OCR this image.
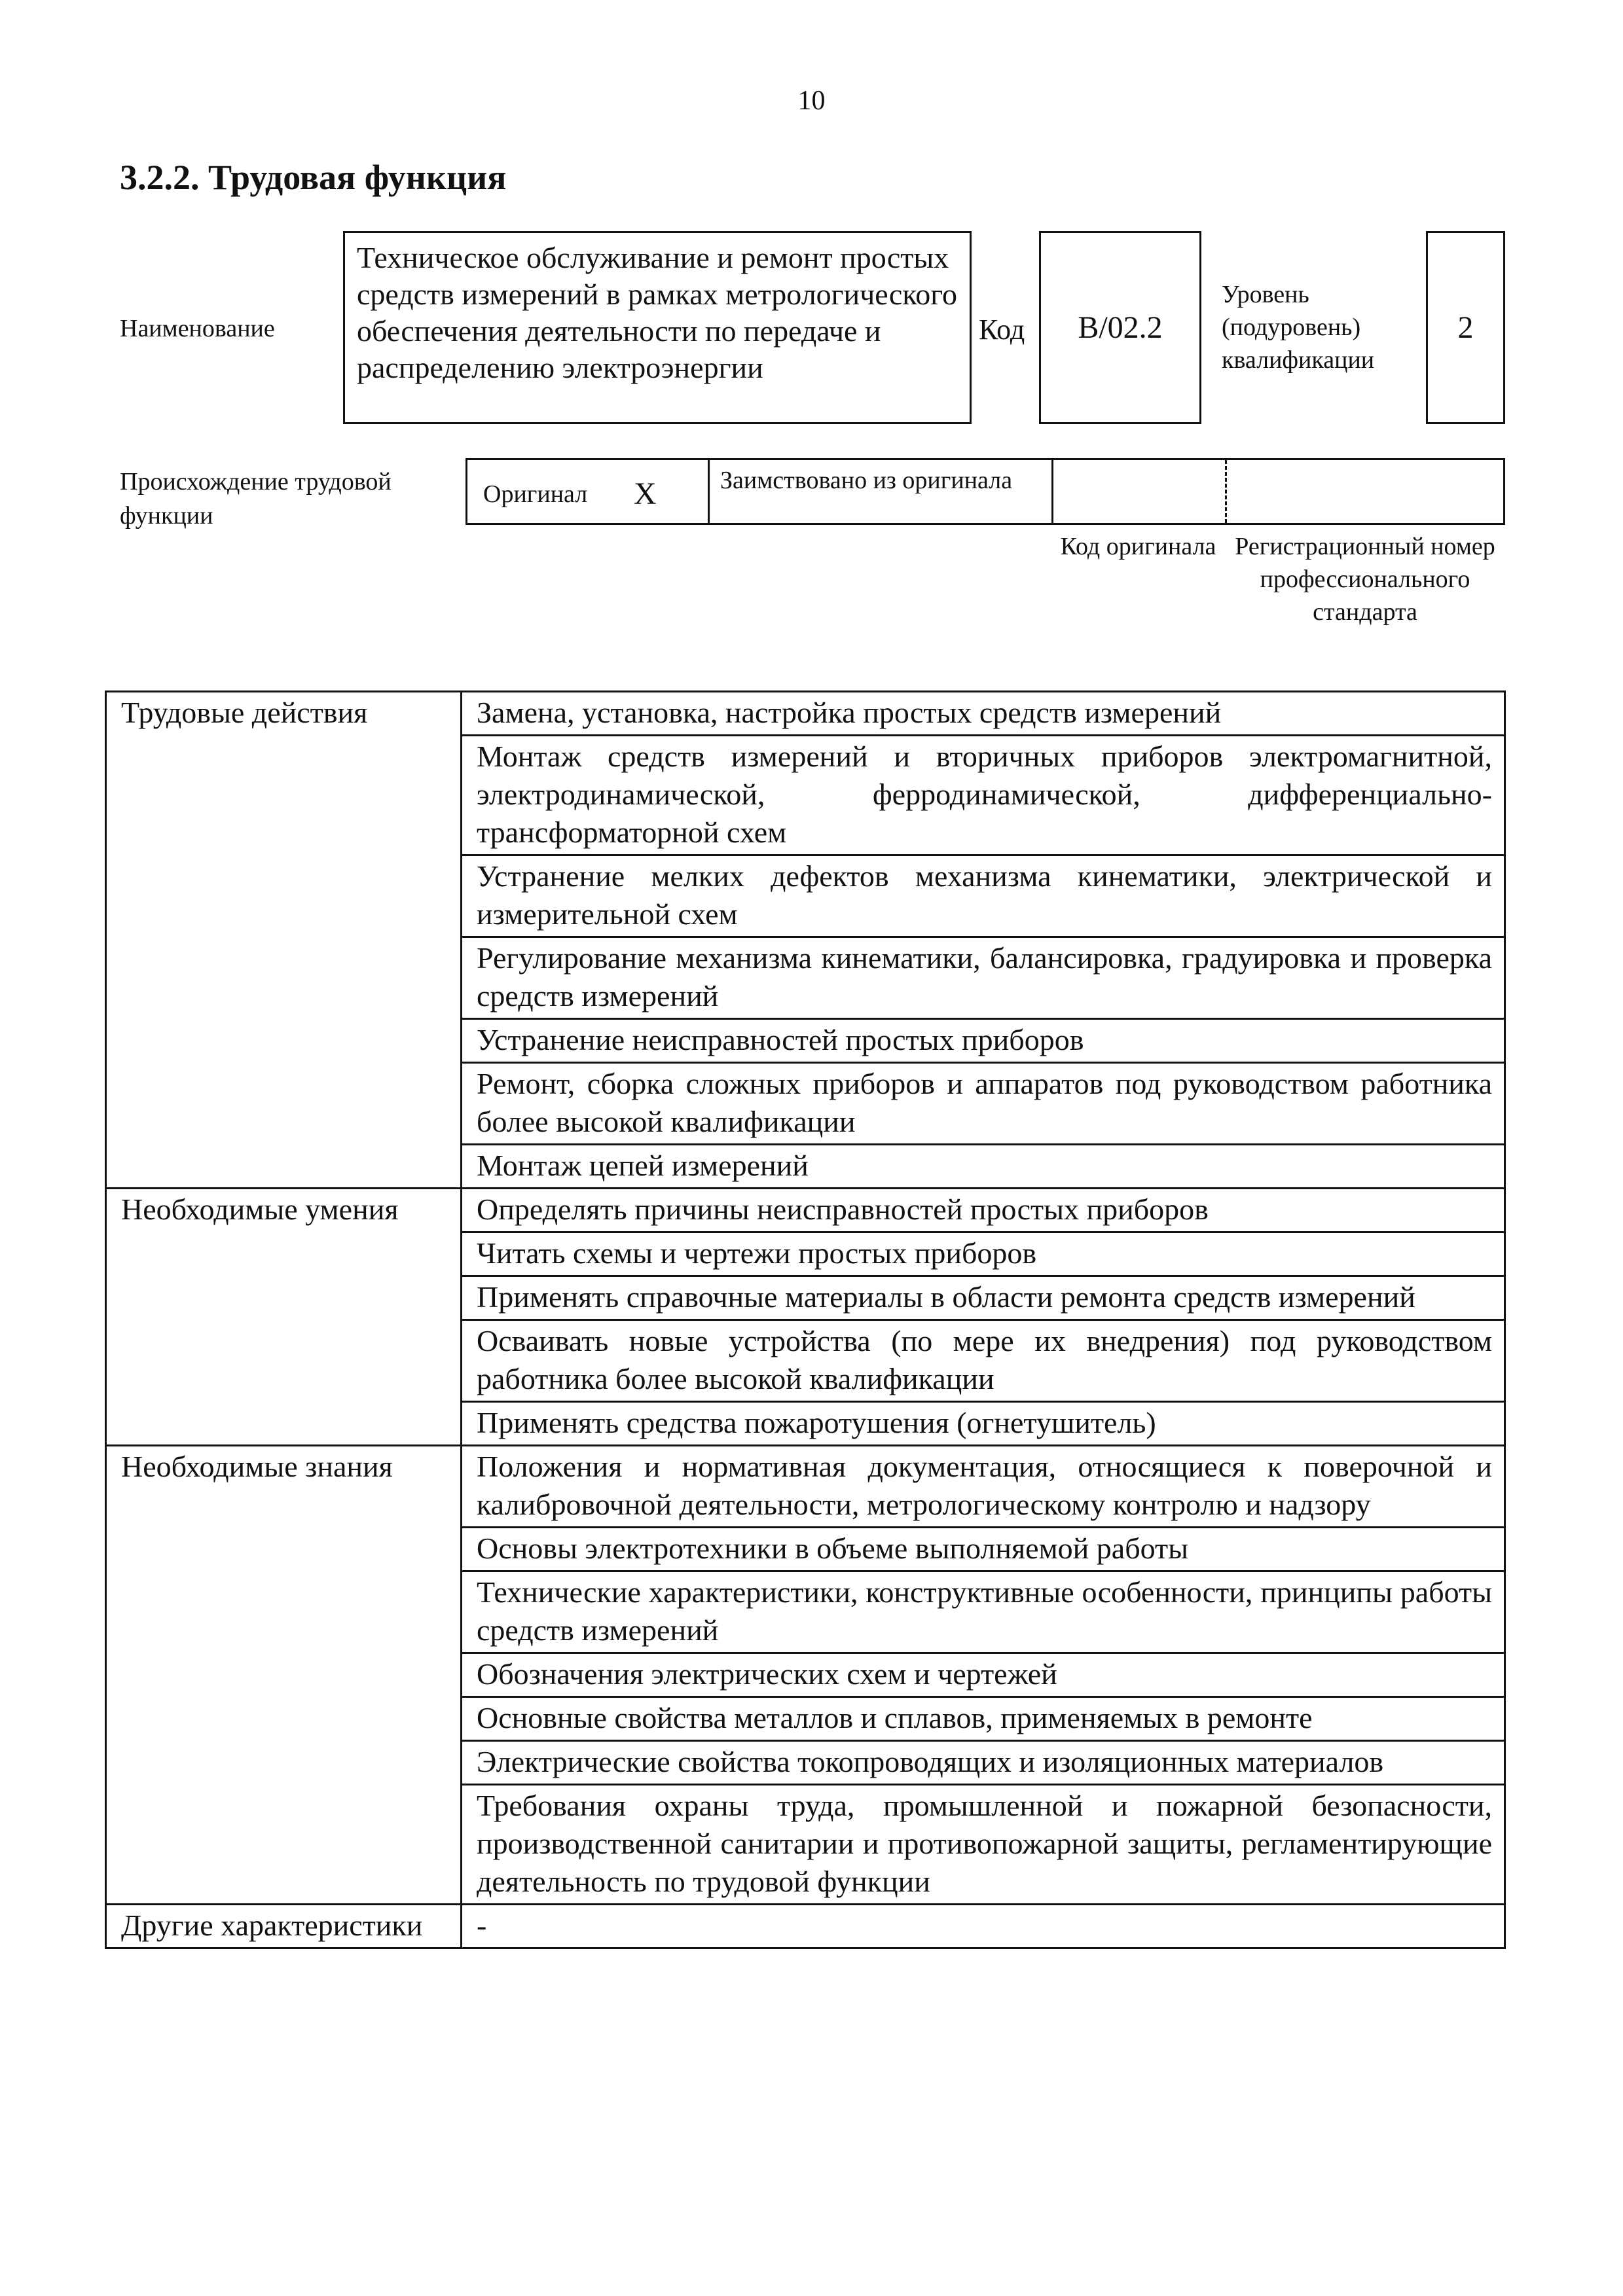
10
3.2.2. Трудовая функция
Наименование
Техническое обслуживание и ремонт простых средств измерений в рамках метрологического обеспечения деятельности по передаче и распределению электроэнергии
Код B/02.2
Уровень (подуровень) квалификации
2
Происхождение трудовой функции
Оригинал X	Заимствовано из оригинала
Код оригинала Регистрационный номер профессионального стандарта
Трудовые действия	Замена, установка, настройка простых средств измерений
	Монтаж средств измерений и вторичных приборов электромагнитной, электродинамической, ферродинамической, дифференциально-трансформаторной схем
	Устранение мелких дефектов механизма кинематики, электрической и измерительной схем
	Регулирование механизма кинематики, балансировка, градуировка и проверка средств измерений
	Устранение неисправностей простых приборов
	Ремонт, сборка сложных приборов и аппаратов под руководством работника более высокой квалификации
	Монтаж цепей измерений
Необходимые умения	Определять причины неисправностей простых приборов
	Читать схемы и чертежи простых приборов
	Применять справочные материалы в области ремонта средств измерений
	Осваивать новые устройства (по мере их внедрения) под руководством работника более высокой квалификации
	Применять средства пожаротушения (огнетушитель)
Необходимые знания	Положения и нормативная документация, относящиеся к поверочной и калибровочной деятельности, метрологическому контролю и надзору
	Основы электротехники в объеме выполняемой работы
	Технические характеристики, конструктивные особенности, принципы работы средств измерений
	Обозначения электрических схем и чертежей
	Основные свойства металлов и сплавов, применяемых в ремонте
	Электрические свойства токопроводящих и изоляционных материалов
	Требования охраны труда, промышленной и пожарной безопасности, производственной санитарии и противопожарной защиты, регламентирующие деятельность по трудовой функции
Другие характеристики	-
